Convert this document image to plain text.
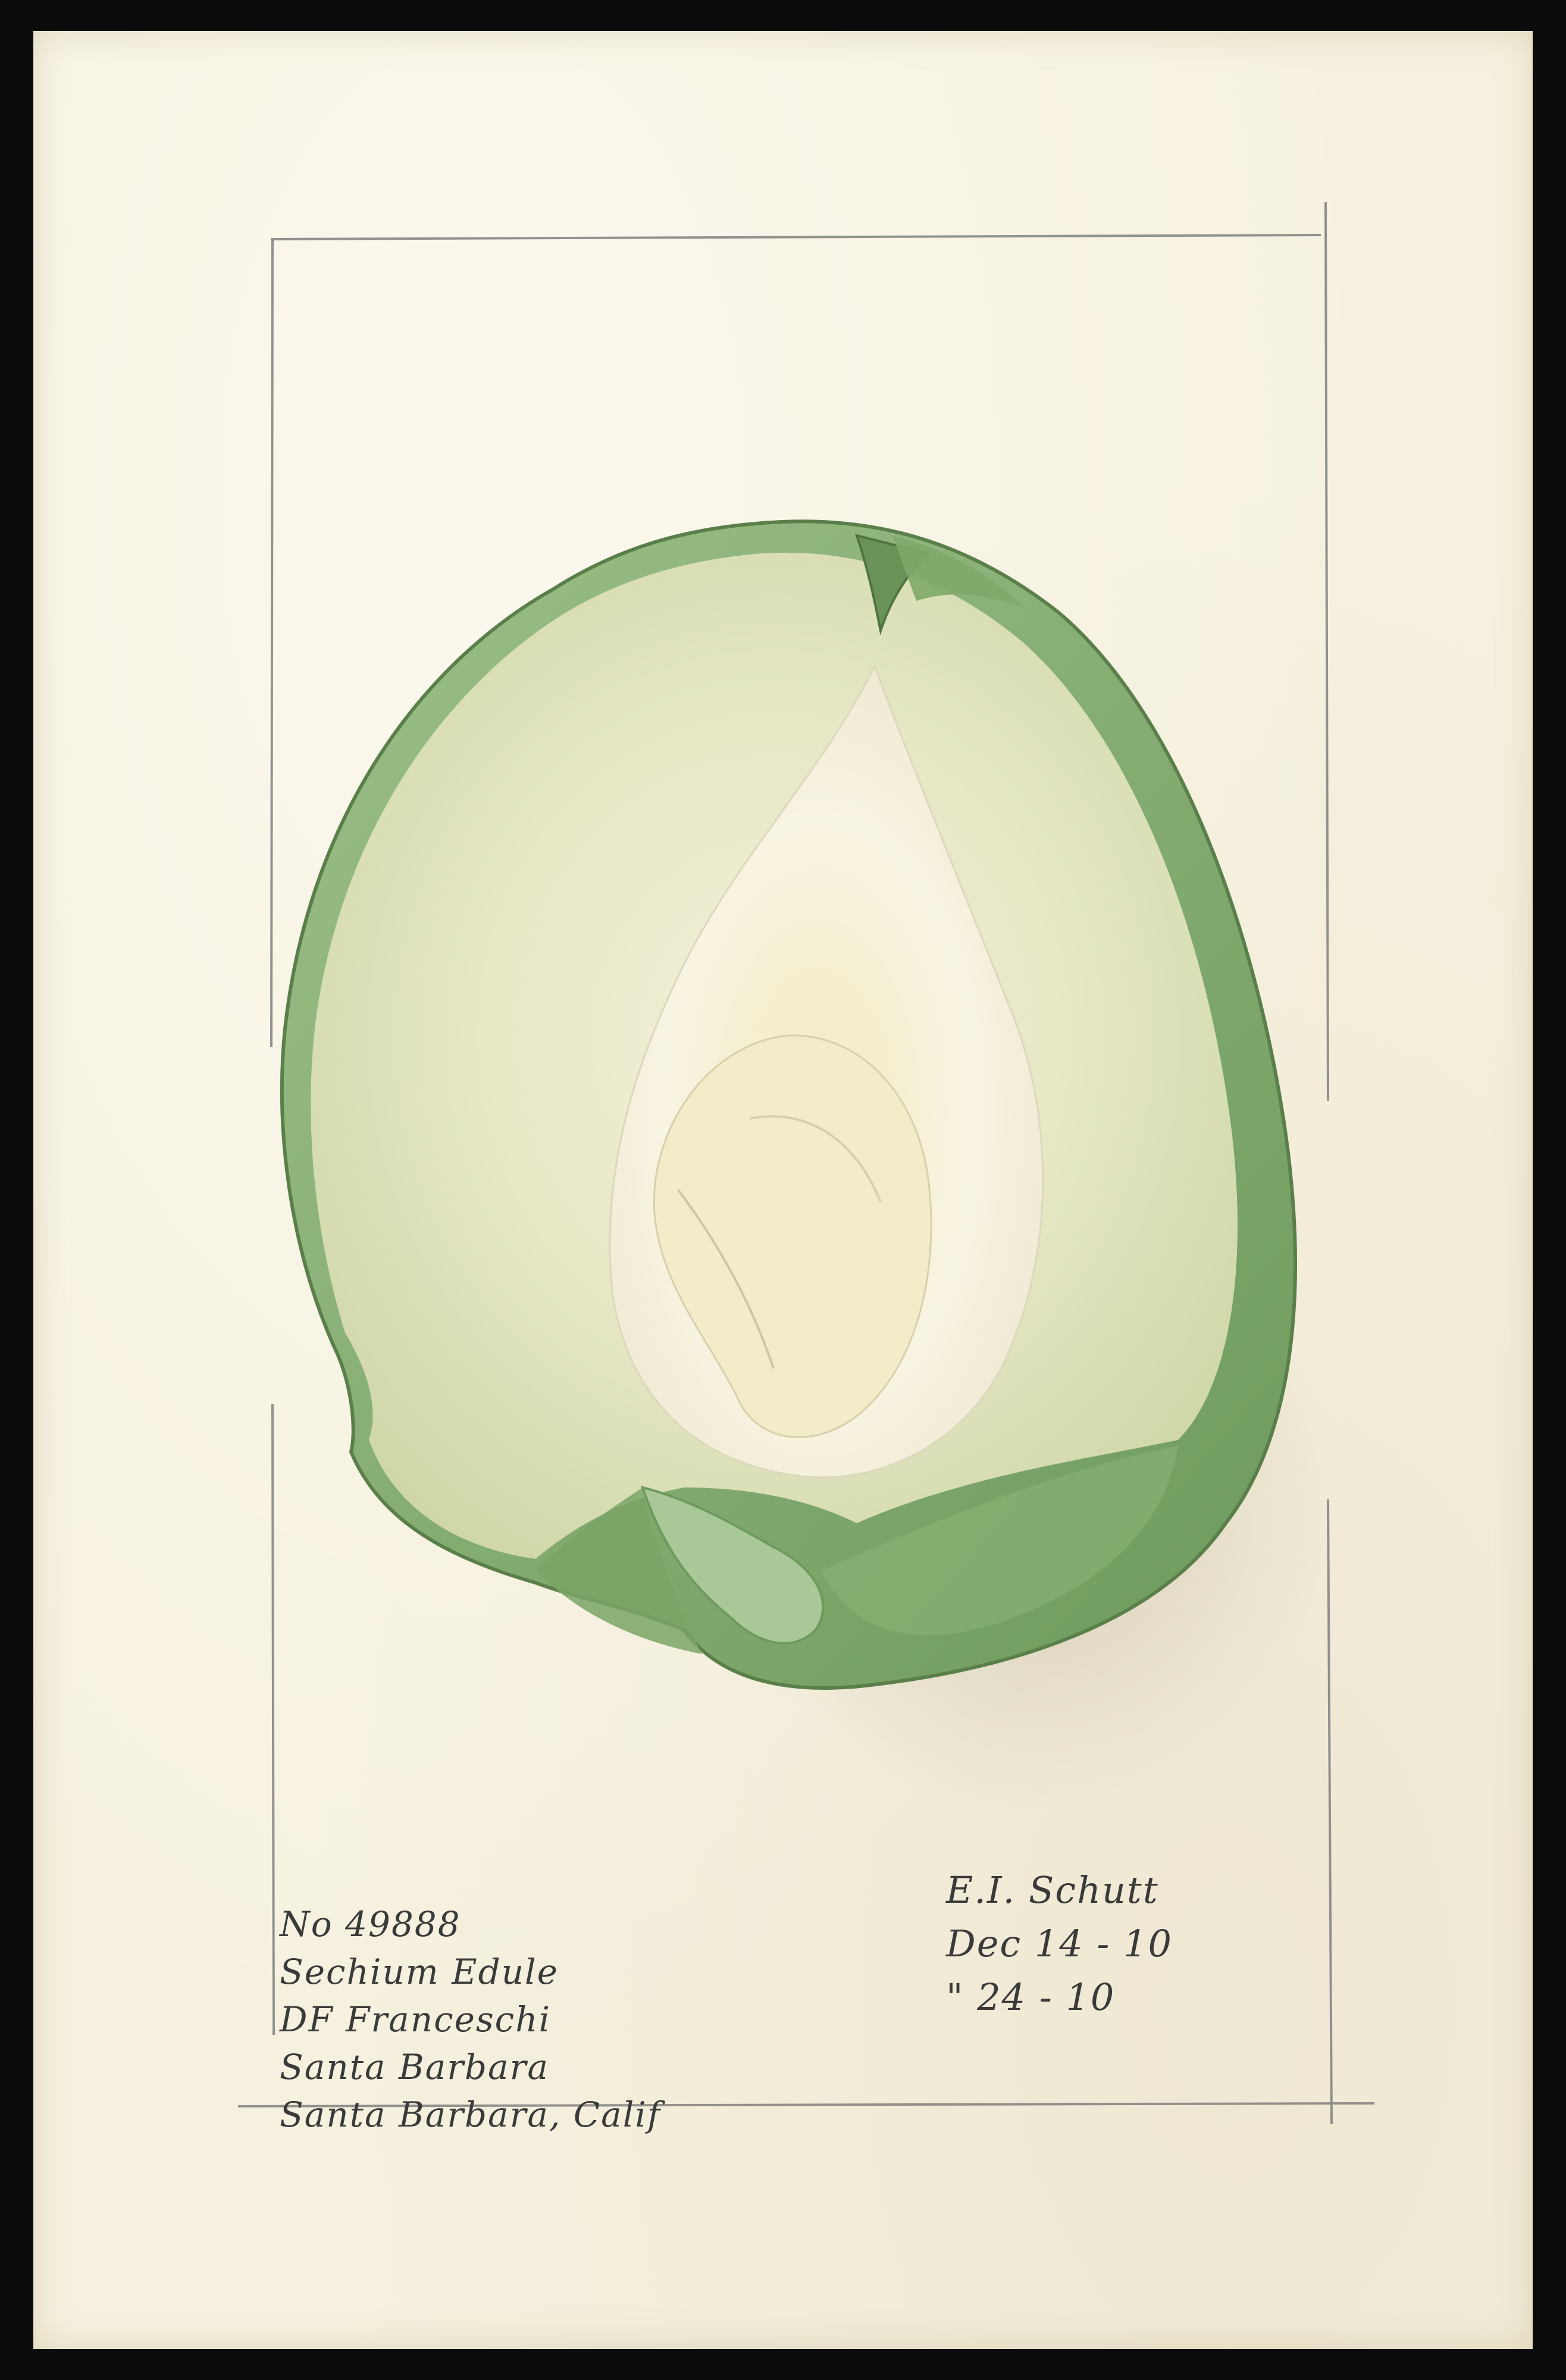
No 49888
Sechium Edule
DF Franceschi
Santa Barbara
Santa Barbara, Calif
E.I. Schutt
Dec 14 - 10
" 24 - 10
